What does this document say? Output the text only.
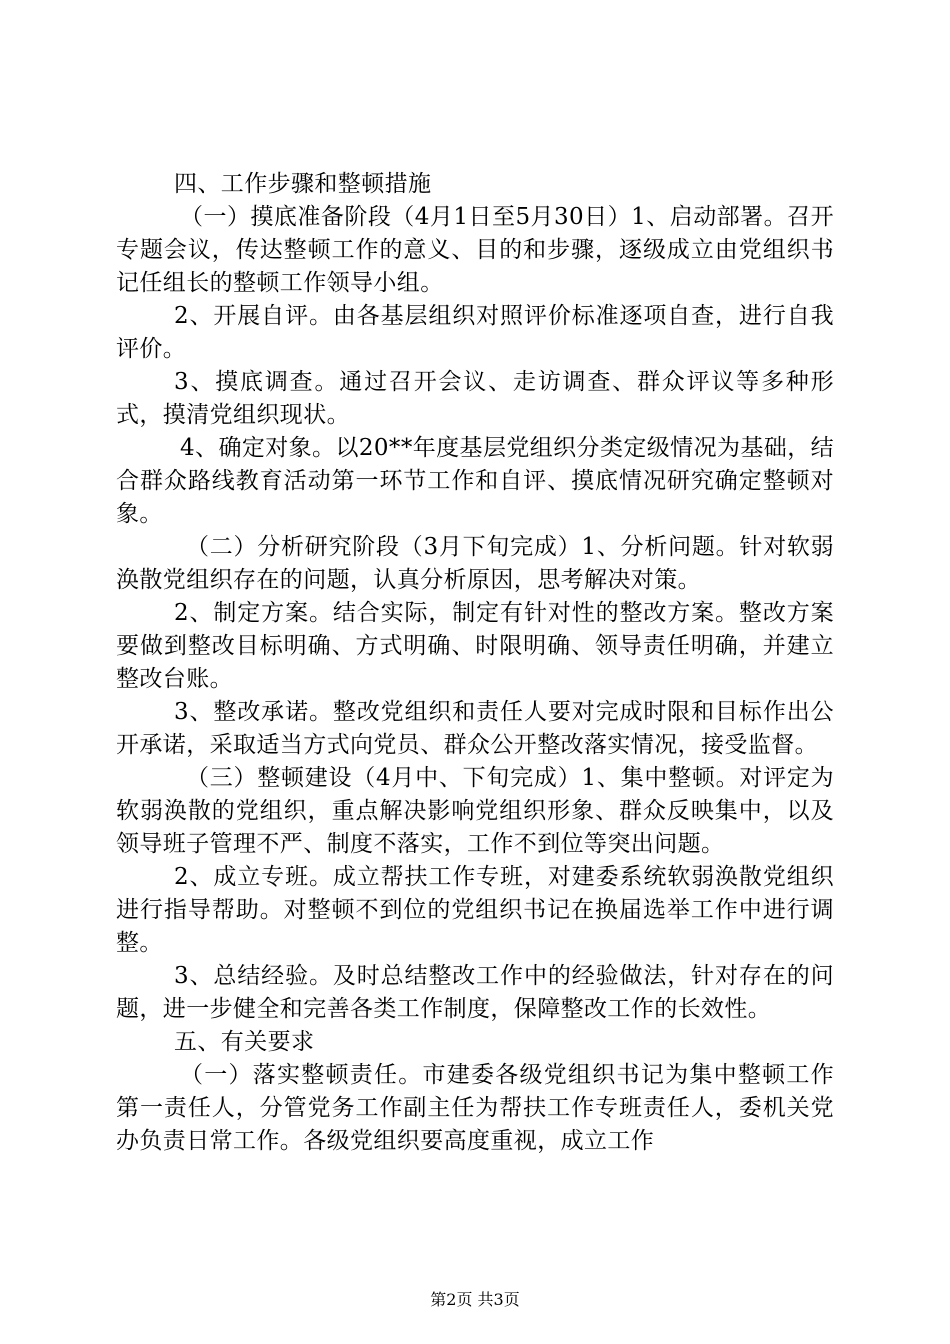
四、工作步骤和整顿措施

（一）摸底准备阶段（4月1日至5月30日）1、启动部署。召开专题会议，传达整顿工作的意义、目的和步骤，逐级成立由党组织书记任组长的整顿工作领导小组。

2、开展自评。由各基层组织对照评价标准逐项自查，进行自我评价。

3、摸底调查。通过召开会议、走访调查、群众评议等多种形式，摸清党组织现状。

4、确定对象。以20**年度基层党组织分类定级情况为基础，结合群众路线教育活动第一环节工作和自评、摸底情况研究确定整顿对象。

（二）分析研究阶段（3月下旬完成）1、分析问题。针对软弱涣散党组织存在的问题，认真分析原因，思考解决对策。

2、制定方案。结合实际，制定有针对性的整改方案。整改方案要做到整改目标明确、方式明确、时限明确、领导责任明确，并建立整改台账。

3、整改承诺。整改党组织和责任人要对完成时限和目标作出公开承诺，采取适当方式向党员、群众公开整改落实情况，接受监督。

（三）整顿建设（4月中、下旬完成）1、集中整顿。对评定为软弱涣散的党组织，重点解决影响党组织形象、群众反映集中，以及领导班子管理不严、制度不落实，工作不到位等突出问题。

2、成立专班。成立帮扶工作专班，对建委系统软弱涣散党组织进行指导帮助。对整顿不到位的党组织书记在换届选举工作中进行调整。

3、总结经验。及时总结整改工作中的经验做法，针对存在的问题，进一步健全和完善各类工作制度，保障整改工作的长效性。

五、有关要求

（一）落实整顿责任。市建委各级党组织书记为集中整顿工作第一责任人，分管党务工作副主任为帮扶工作专班责任人，委机关党办负责日常工作。各级党组织要高度重视，成立工作

第2页 共3页
